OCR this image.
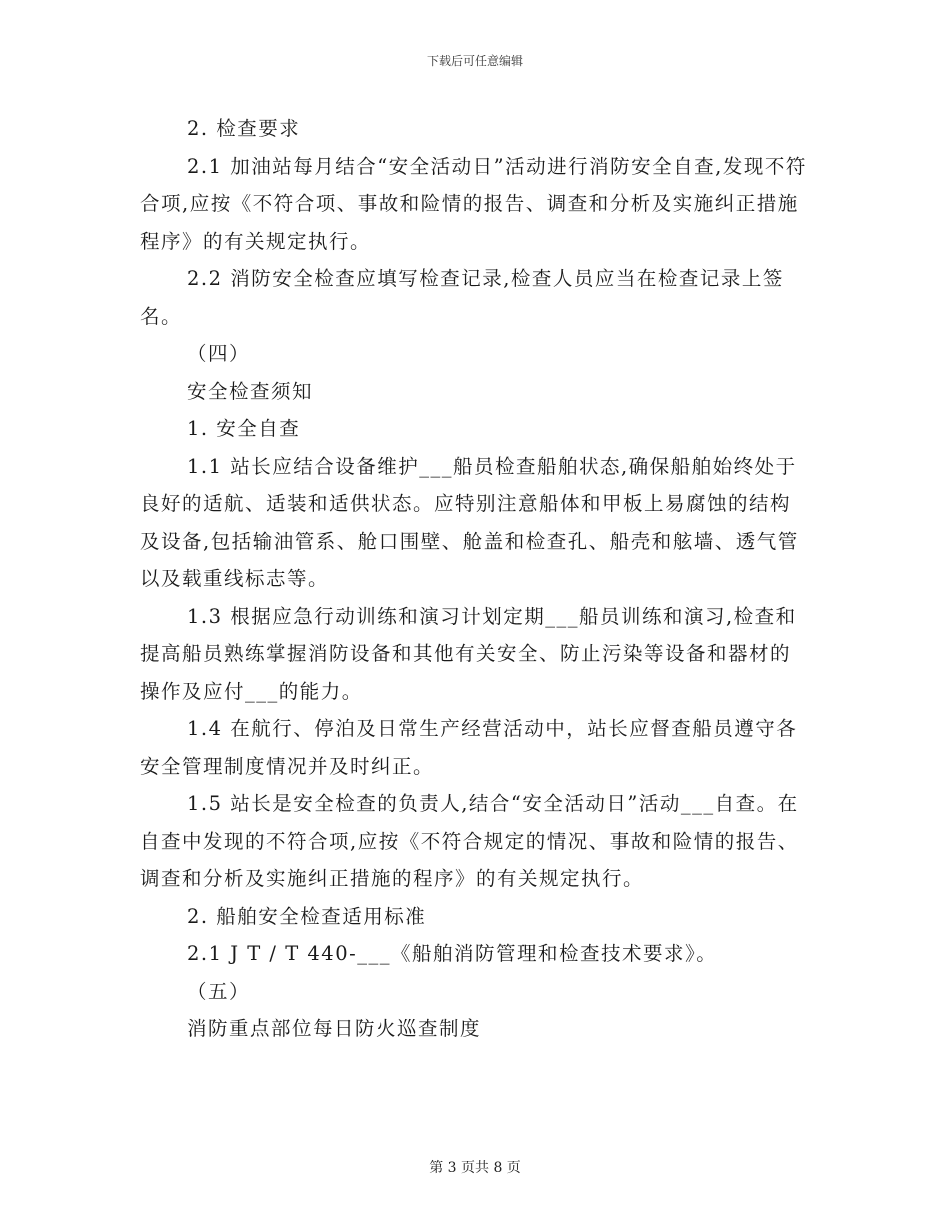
下载后可任意编辑

2. 检查要求

2.1 加油站每月结合“安全活动日”活动进行消防安全自查,发现不符合项,应按《不符合项、事故和险情的报告、调查和分析及实施纠正措施程序》的有关规定执行。

2.2 消防安全检查应填写检查记录,检查人员应当在检查记录上签名。

（四）

安全检查须知

1. 安全自查

1.1 站长应结合设备维护___船员检查船舶状态,确保船舶始终处于良好的适航、适装和适供状态。应特别注意船体和甲板上易腐蚀的结构及设备,包括输油管系、舱口围壁、舱盖和检查孔、船壳和舷墙、透气管以及载重线标志等。

1.3 根据应急行动训练和演习计划定期___船员训练和演习,检查和提高船员熟练掌握消防设备和其他有关安全、防止污染等设备和器材的操作及应付___的能力。

1.4 在航行、停泊及日常生产经营活动中，站长应督查船员遵守各安全管理制度情况并及时纠正。

1.5 站长是安全检查的负责人,结合“安全活动日”活动___自查。在自查中发现的不符合项,应按《不符合规定的情况、事故和险情的报告、调查和分析及实施纠正措施的程序》的有关规定执行。

2. 船舶安全检查适用标准

2.1 J T / T 440-___《船舶消防管理和检查技术要求》。

（五）

消防重点部位每日防火巡查制度

第 3 页共 8 页
